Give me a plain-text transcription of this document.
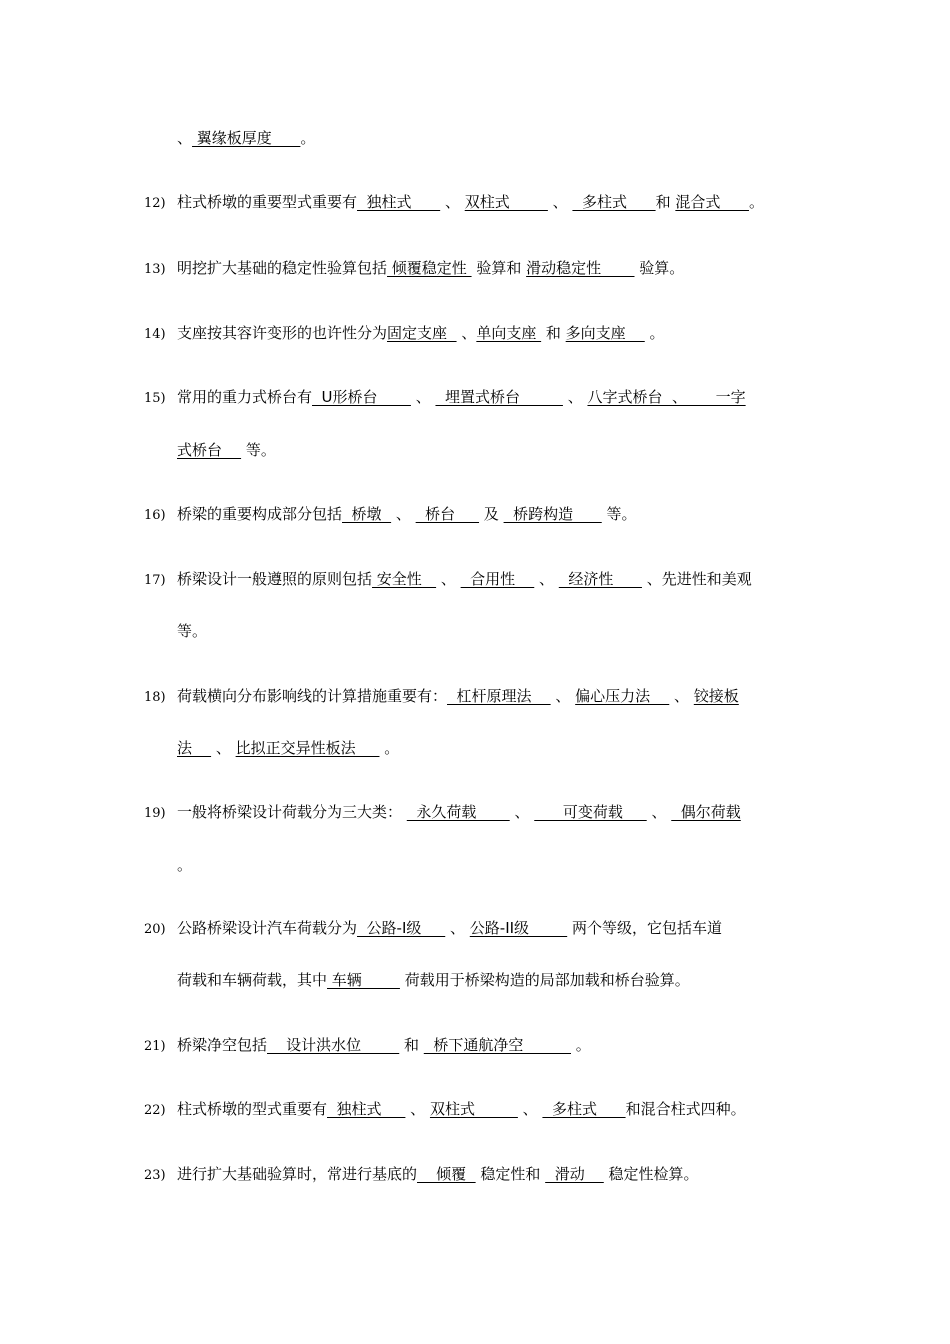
、 翼缘板厚度      。
12) 柱式桥墩的重要型式重要有  独柱式       、 双柱式         、   多柱式      和 混合式      。
13) 明挖扩大基础的稳定性验算包括 倾覆稳定性  验算和 滑动稳定性        验算。
14) 支座按其容许变形的也许性分为固定支座   、单向支座  和 多向支座     。
15) 常用的重力式桥台有  U形桥台        、   埋置式桥台          、 八字式桥台  、      一字
式桥台     等。
16) 桥梁的重要构成部分包括  桥墩   、   桥台      及   桥跨构造       等。
17) 桥梁设计一般遵照的原则包括 安全性    、   合用性     、   经济性       、先进性和美观
等。
18) 荷载横向分布影响线的计算措施重要有：  杠杆原理法     、 偏心压力法     、 铰接板
法     、 比拟正交异性板法      。
19) 一般将桥梁设计荷载分为三大类：   永久荷载        、       可变荷载      、   偶尔荷载
。
20) 公路桥梁设计汽车荷载分为  公路-I级      、 公路-II级         两个等级，它包括车道
荷载和车辆荷载，其中 车辆         荷载用于桥梁构造的局部加载和桥台验算。
21) 桥梁净空包括    设计洪水位         和   桥下通航净空           。
22) 柱式桥墩的型式重要有  独柱式      、 双柱式          、   多柱式      和混合柱式四种。
23) 进行扩大基础验算时，常进行基底的    倾覆   稳定性和   滑动     稳定性检算。
